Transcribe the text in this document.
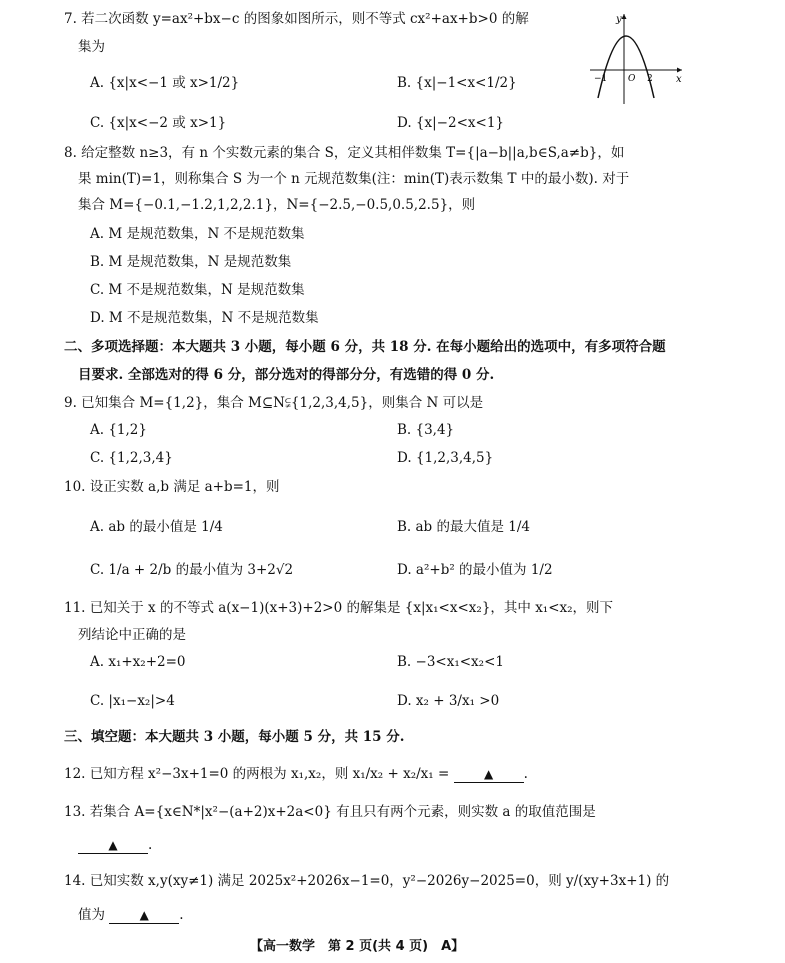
7. 若二次函数 y=ax²+bx−c 的图象如图所示，则不等式 cx²+ax+b>0 的解
集为
A. {x|x<−1 或 x>1/2}	B. {x|−1<x<1/2}
C. {x|x<−2 或 x>1}	D. {x|−2<x<1}
y
x
−1 O 2
8. 给定整数 n≥3，有 n 个实数元素的集合 S，定义其相伴数集 T={|a−b||a,b∈S,a≠b}，如
果 min(T)=1，则称集合 S 为一个 n 元规范数集(注：min(T)表示数集 T 中的最小数). 对于
集合 M={−0.1,−1.2,1,2,2.1}，N={−2.5,−0.5,0.5,2.5}，则
A. M 是规范数集，N 不是规范数集
B. M 是规范数集，N 是规范数集
C. M 不是规范数集，N 是规范数集
D. M 不是规范数集，N 不是规范数集
二、多项选择题：本大题共 3 小题，每小题 6 分，共 18 分. 在每小题给出的选项中，有多项符合题
目要求. 全部选对的得 6 分，部分选对的得部分分，有选错的得 0 分.
9. 已知集合 M={1,2}，集合 M⊆N⫋{1,2,3,4,5}，则集合 N 可以是
A. {1,2}	B. {3,4}
C. {1,2,3,4}	D. {1,2,3,4,5}
10. 设正实数 a,b 满足 a+b=1，则
A. ab 的最小值是 1/4	B. ab 的最大值是 1/4
C. 1/a + 2/b 的最小值为 3+2√2	D. a²+b² 的最小值为 1/2
11. 已知关于 x 的不等式 a(x−1)(x+3)+2>0 的解集是 {x|x₁<x<x₂}，其中 x₁<x₂，则下
列结论中正确的是
A. x₁+x₂+2=0	B. −3<x₁<x₂<1
C. |x₁−x₂|>4	D. x₂ + 3/x₁ >0
三、填空题：本大题共 3 小题，每小题 5 分，共 15 分.
12. 已知方程 x²−3x+1=0 的两根为 x₁,x₂，则 x₁/x₂ + x₂/x₁ =	▲ .
13. 若集合 A={x∈N*|x²−(a+2)x+2a<0} 有且只有两个元素，则实数 a 的取值范围是
▲ .
14. 已知实数 x,y(xy≠1) 满足 2025x²+2026x−1=0，y²−2026y−2025=0，则 y/(xy+3x+1) 的
值为	▲ .
【高一数学　第 2 页(共 4 页)　A】
